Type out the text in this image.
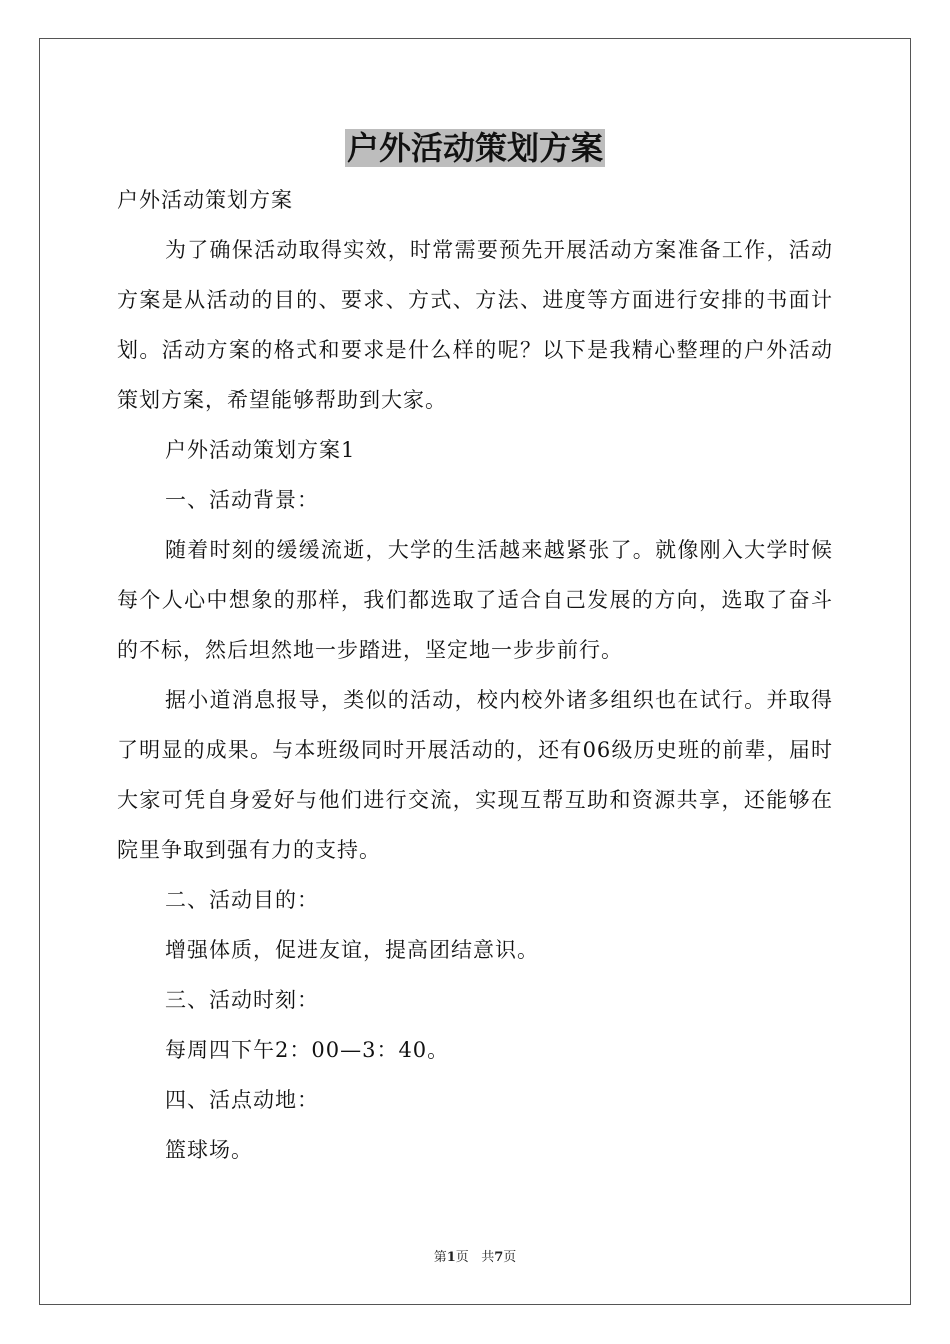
户外活动策划方案

户外活动策划方案

为了确保活动取得实效，时常需要预先开展活动方案准备工作，活动方案是从活动的目的、要求、方式、方法、进度等方面进行安排的书面计划。活动方案的格式和要求是什么样的呢？以下是我精心整理的户外活动策划方案，希望能够帮助到大家。

户外活动策划方案1

一、活动背景：

随着时刻的缓缓流逝，大学的生活越来越紧张了。就像刚入大学时候每个人心中想象的那样，我们都选取了适合自己发展的方向，选取了奋斗的不标，然后坦然地一步踏进，坚定地一步步前行。

据小道消息报导，类似的活动，校内校外诸多组织也在试行。并取得了明显的成果。与本班级同时开展活动的，还有06级历史班的前辈，届时大家可凭自身爱好与他们进行交流，实现互帮互助和资源共享，还能够在院里争取到强有力的支持。

二、活动目的：

增强体质，促进友谊，提高团结意识。

三、活动时刻：

每周四下午2：00—3：40。

四、活点动地：

篮球场。

第1页 共7页
